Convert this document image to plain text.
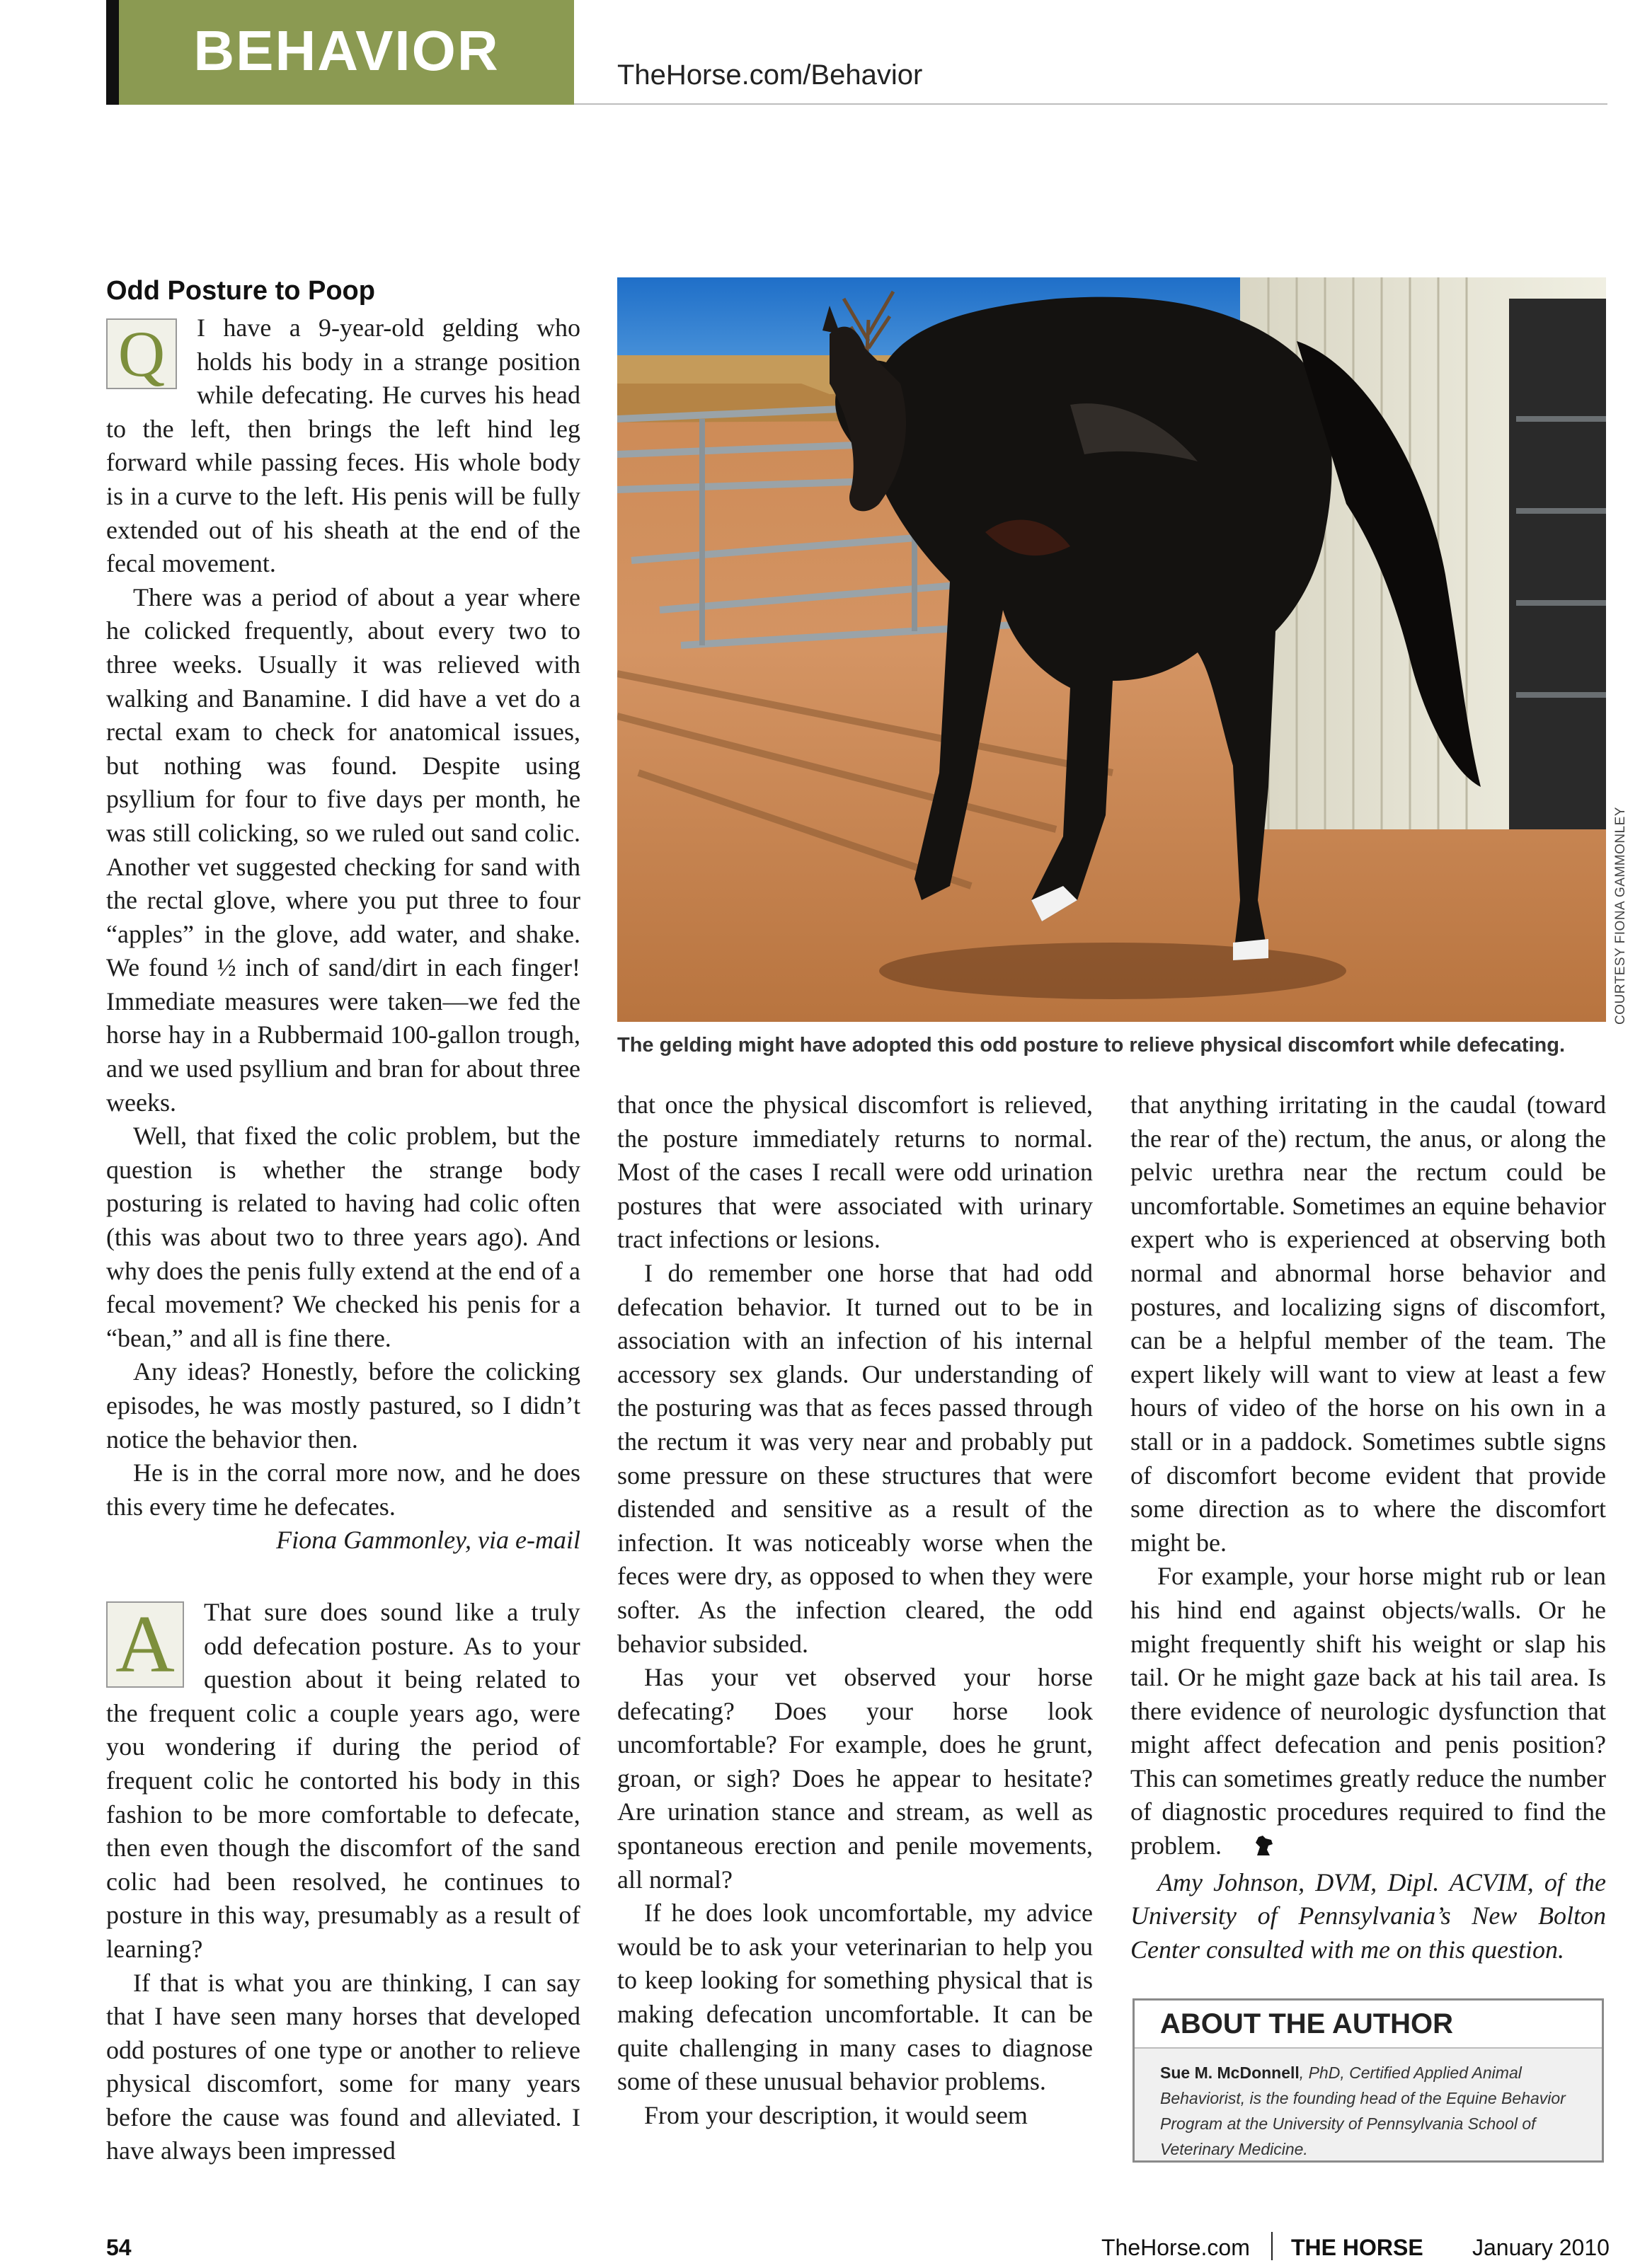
BEHAVIOR	TheHorse.com/Behavior
Odd Posture to Poop
Q	I have a 9-year-old gelding who holds his body in a strange position while defecating. He curves his head to the left, then brings the left hind leg forward while passing feces. His whole body is in a curve to the left. His penis will be fully extended out of his sheath at the end of the fecal movement.

There was a period of about a year where he colicked frequently, about every two to three weeks. Usually it was relieved with walking and Banamine. I did have a vet do a rectal exam to check for anatomical issues, but nothing was found. Despite using psyllium for four to five days per month, he was still colicking, so we ruled out sand colic. Another vet suggested checking for sand with the rectal glove, where you put three to four “apples” in the glove, add water, and shake. We found ½ inch of sand/dirt in each finger! Immediate measures were taken—we fed the horse hay in a Rubbermaid 100-gallon trough, and we used psyllium and bran for about three weeks.

Well, that fixed the colic problem, but the question is whether the strange body posturing is related to having had colic often (this was about two to three years ago). And why does the penis fully extend at the end of a fecal movement? We checked his penis for a “bean,” and all is fine there.

Any ideas? Honestly, before the colicking episodes, he was mostly pastured, so I didn’t notice the behavior then.

He is in the corral more now, and he does this every time he defecates.

Fiona Gammonley, via e-mail

A	That sure does sound like a truly odd defecation posture. As to your question about it being related to the frequent colic a couple years ago, were you wondering if during the period of frequent colic he contorted his body in this fashion to be more comfortable to defecate, then even though the discomfort of the sand colic had been resolved, he continues to posture in this way, presumably as a result of learning?

If that is what you are thinking, I can say that I have seen many horses that developed odd postures of one type or another to relieve physical discomfort, some for many years before the cause was found and alleviated. I have always been impressed

COURTESY FIONA GAMMONLEY
The gelding might have adopted this odd posture to relieve physical discomfort while defecating.

that once the physical discomfort is relieved, the posture immediately returns to normal. Most of the cases I recall were odd urination postures that were associated with urinary tract infections or lesions.

I do remember one horse that had odd defecation behavior. It turned out to be in association with an infection of his internal accessory sex glands. Our understanding of the posturing was that as feces passed through the rectum it was very near and probably put some pressure on these structures that were distended and sensitive as a result of the infection. It was noticeably worse when the feces were dry, as opposed to when they were softer. As the infection cleared, the odd behavior subsided.

Has your vet observed your horse defecating? Does your horse look uncomfortable? For example, does he grunt, groan, or sigh? Does he appear to hesitate? Are urination stance and stream, as well as spontaneous erection and penile movements, all normal?

If he does look uncomfortable, my advice would be to ask your veterinarian to help you to keep looking for something physical that is making defecation uncomfortable. It can be quite challenging in many cases to diagnose some of these unusual behavior problems.

From your description, it would seem

that anything irritating in the caudal (toward the rear of the) rectum, the anus, or along the pelvic urethra near the rectum could be uncomfortable. Sometimes an equine behavior expert who is experienced at observing both normal and abnormal horse behavior and postures, and localizing signs of discomfort, can be a helpful member of the team. The expert likely will want to view at least a few hours of video of the horse on his own in a stall or in a paddock. Sometimes subtle signs of discomfort become evident that provide some direction as to where the discomfort might be.

For example, your horse might rub or lean his hind end against objects/walls. Or he might frequently shift his weight or slap his tail. Or he might gaze back at his tail area. Is there evidence of neurologic dysfunction that might affect defecation and penis position? This can sometimes greatly reduce the number of diagnostic procedures required to find the problem.

Amy Johnson, DVM, Dipl. ACVIM, of the University of Pennsylvania’s New Bolton Center consulted with me on this question.

ABOUT THE AUTHOR
Sue M. McDonnell, PhD, Certified Applied Animal Behaviorist, is the founding head of the Equine Behavior Program at the University of Pennsylvania School of Veterinary Medicine.
54	TheHorse.com THE HORSE January 2010
